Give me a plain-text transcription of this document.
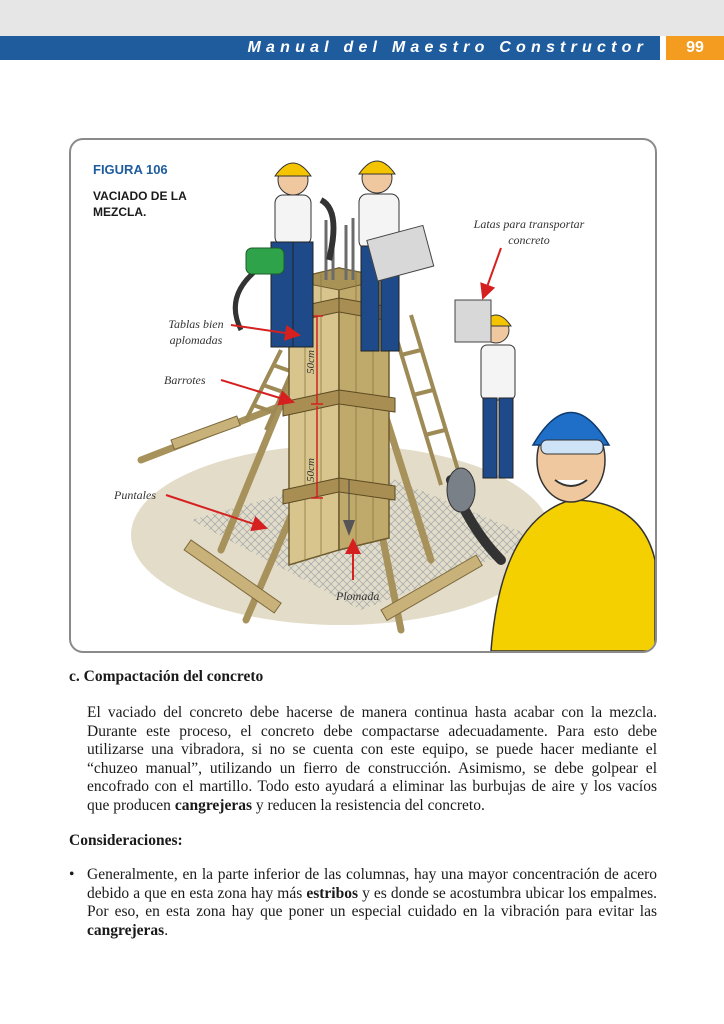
Manual del Maestro Constructor	99
FIGURA 106
VACIADO DE LA MEZCLA.
Latas para transportar
concreto
Tablas bien
aplomadas
Barrotes
Puntales
Plomada
50cm
50cm
c. Compactación del concreto
El vaciado del concreto debe hacerse de manera continua hasta acabar con la mezcla. Durante este proceso, el concreto debe compactarse adecuadamente. Para esto debe utilizarse una vibradora, si no se cuenta con este equipo, se puede hacer mediante el “chuzeo manual”, utilizando un fierro de construcción. Asimismo, se debe golpear el encofrado con el martillo. Todo esto ayudará a eliminar las burbujas de aire y los vacíos que producen cangrejeras y reducen la resistencia del concreto.
Consideraciones:
• Generalmente, en la parte inferior de las columnas, hay una mayor concentración de acero debido a que en esta zona hay más estribos y es donde se acostumbra ubicar los empalmes. Por eso, en esta zona hay que poner un especial cuidado en la vibración para evitar las cangrejeras.
